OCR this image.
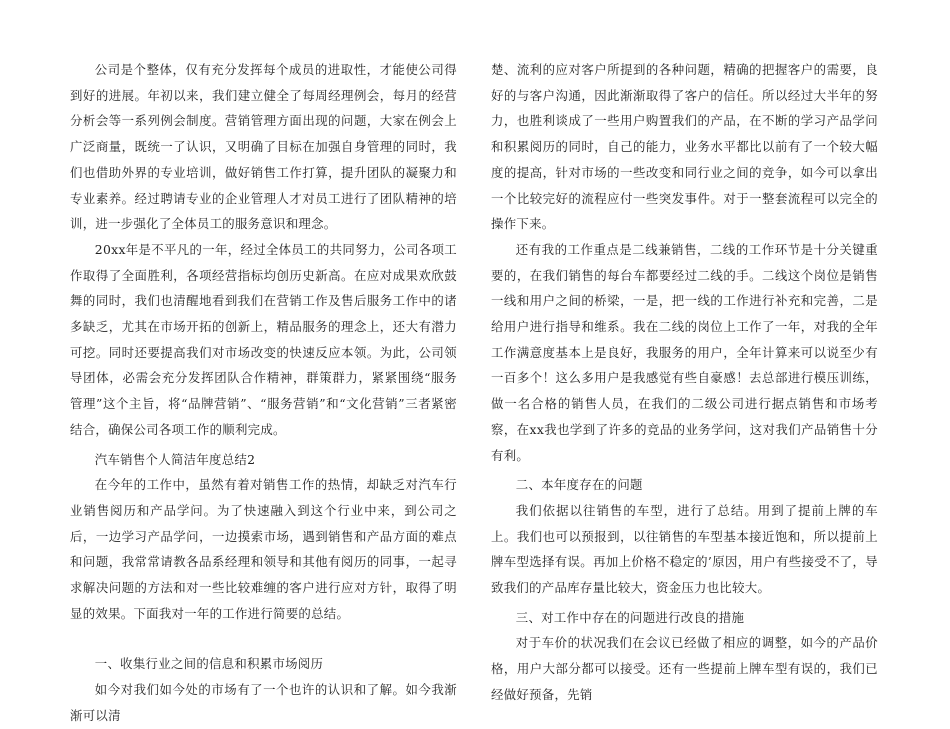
公司是个整体，仅有充分发挥每个成员的进取性，才能使公司得到好的进展。年初以来，我们建立健全了每周经理例会，每月的经营分析会等一系列例会制度。营销管理方面出现的问题，大家在例会上广泛商量，既统一了认识，又明确了目标在加强自身管理的同时，我们也借助外界的专业培训，做好销售工作打算，提升团队的凝聚力和专业素养。经过聘请专业的企业管理人才对员工进行了团队精神的培训，进一步强化了全体员工的服务意识和理念。

20xx年是不平凡的一年，经过全体员工的共同努力，公司各项工作取得了全面胜利，各项经营指标均创历史新高。在应对成果欢欣鼓舞的同时，我们也清醒地看到我们在营销工作及售后服务工作中的诸多缺乏，尤其在市场开拓的创新上，精品服务的理念上，还大有潜力可挖。同时还要提高我们对市场改变的快速反应本领。为此，公司领导团体，必需会充分发挥团队合作精神，群策群力，紧紧围绕“服务管理”这个主旨，将“品牌营销”、“服务营销”和“文化营销”三者紧密结合，确保公司各项工作的顺利完成。

汽车销售个人简洁年度总结2

在今年的工作中，虽然有着对销售工作的热情，却缺乏对汽车行业销售阅历和产品学问。为了快速融入到这个行业中来，到公司之后，一边学习产品学问，一边摸索市场，遇到销售和产品方面的难点和问题，我常常请教各品系经理和领导和其他有阅历的同事，一起寻求解决问题的方法和对一些比较难缠的客户进行应对方针，取得了明显的效果。下面我对一年的工作进行简要的总结。

一、收集行业之间的信息和积累市场阅历

如今对我们如今处的市场有了一个也许的认识和了解。如今我渐渐可以清

楚、流利的应对客户所提到的各种问题，精确的把握客户的需要，良好的与客户沟通，因此渐渐取得了客户的信任。所以经过大半年的努力，也胜利谈成了一些用户购置我们的产品，在不断的学习产品学问和积累阅历的同时，自己的能力，业务水平都比以前有了一个较大幅度的提高，针对市场的一些改变和同行业之间的竞争，如今可以拿出一个比较完好的流程应付一些突发事件。对于一整套流程可以完全的操作下来。

还有我的工作重点是二线兼销售，二线的工作环节是十分关键重要的，在我们销售的每台车都要经过二线的手。二线这个岗位是销售一线和用户之间的桥梁，一是，把一线的工作进行补充和完善，二是给用户进行指导和维系。我在二线的岗位上工作了一年，对我的全年工作满意度基本上是良好，我服务的用户，全年计算来可以说至少有一百多个！这么多用户是我感觉有些自豪感！去总部进行模压训练，做一名合格的销售人员，在我们的二级公司进行据点销售和市场考察，在xx我也学到了许多的竞品的业务学问，这对我们产品销售十分有利。

二、本年度存在的问题

我们依据以往销售的车型，进行了总结。用到了提前上牌的车上。我们也可以预报到，以往销售的车型基本接近饱和，所以提前上牌车型选择有误。再加上价格不稳定的’原因，用户有些接受不了，导致我们的产品库存量比较大，资金压力也比较大。

三、对工作中存在的问题进行改良的措施

对于车价的状况我们在会议已经做了相应的调整，如今的产品价格，用户大部分都可以接受。还有一些提前上牌车型有误的，我们已经做好预备，先销
